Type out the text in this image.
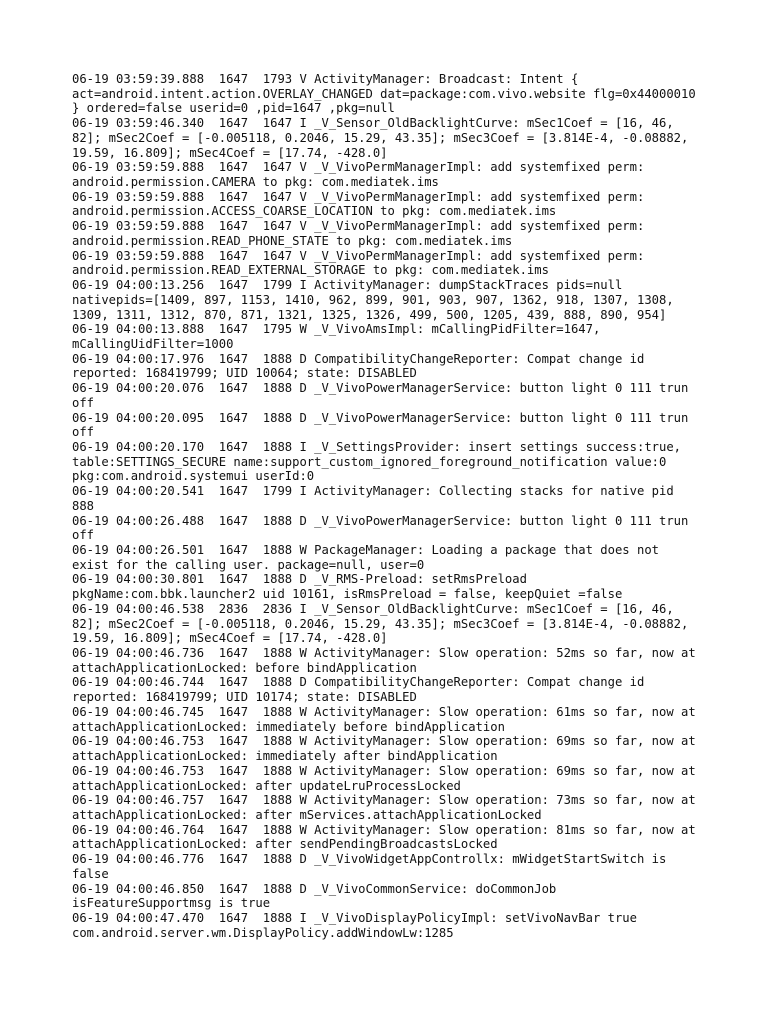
06-19 03:59:39.888  1647  1793 V ActivityManager: Broadcast: Intent { act=android.intent.action.OVERLAY_CHANGED dat=package:com.vivo.website flg=0x44000010 } ordered=false userid=0 ,pid=1647 ,pkg=null

06-19 03:59:46.340  1647  1647 I _V_Sensor_OldBacklightCurve: mSec1Coef = [16, 46, 82]; mSec2Coef = [-0.005118, 0.2046, 15.29, 43.35]; mSec3Coef = [3.814E-4, -0.08882, 19.59, 16.809]; mSec4Coef = [17.74, -428.0]

06-19 03:59:59.888  1647  1647 V _V_VivoPermManagerImpl: add systemfixed perm: android.permission.CAMERA to pkg: com.mediatek.ims

06-19 03:59:59.888  1647  1647 V _V_VivoPermManagerImpl: add systemfixed perm: android.permission.ACCESS_COARSE_LOCATION to pkg: com.mediatek.ims

06-19 03:59:59.888  1647  1647 V _V_VivoPermManagerImpl: add systemfixed perm: android.permission.READ_PHONE_STATE to pkg: com.mediatek.ims

06-19 03:59:59.888  1647  1647 V _V_VivoPermManagerImpl: add systemfixed perm: android.permission.READ_EXTERNAL_STORAGE to pkg: com.mediatek.ims

06-19 04:00:13.256  1647  1799 I ActivityManager: dumpStackTraces pids=null nativepids=[1409, 897, 1153, 1410, 962, 899, 901, 903, 907, 1362, 918, 1307, 1308, 1309, 1311, 1312, 870, 871, 1321, 1325, 1326, 499, 500, 1205, 439, 888, 890, 954]

06-19 04:00:13.888  1647  1795 W _V_VivoAmsImpl: mCallingPidFilter=1647, mCallingUidFilter=1000

06-19 04:00:17.976  1647  1888 D CompatibilityChangeReporter: Compat change id reported: 168419799; UID 10064; state: DISABLED

06-19 04:00:20.076  1647  1888 D _V_VivoPowerManagerService: button light 0 111 trun off

06-19 04:00:20.095  1647  1888 D _V_VivoPowerManagerService: button light 0 111 trun off

06-19 04:00:20.170  1647  1888 I _V_SettingsProvider: insert settings success:true, table:SETTINGS_SECURE name:support_custom_ignored_foreground_notification value:0 pkg:com.android.systemui userId:0

06-19 04:00:20.541  1647  1799 I ActivityManager: Collecting stacks for native pid 888

06-19 04:00:26.488  1647  1888 D _V_VivoPowerManagerService: button light 0 111 trun off

06-19 04:00:26.501  1647  1888 W PackageManager: Loading a package that does not exist for the calling user. package=null, user=0

06-19 04:00:30.801  1647  1888 D _V_RMS-Preload: setRmsPreload pkgName:com.bbk.launcher2 uid 10161, isRmsPreload = false, keepQuiet =false

06-19 04:00:46.538  2836  2836 I _V_Sensor_OldBacklightCurve: mSec1Coef = [16, 46, 82]; mSec2Coef = [-0.005118, 0.2046, 15.29, 43.35]; mSec3Coef = [3.814E-4, -0.08882, 19.59, 16.809]; mSec4Coef = [17.74, -428.0]

06-19 04:00:46.736  1647  1888 W ActivityManager: Slow operation: 52ms so far, now at attachApplicationLocked: before bindApplication

06-19 04:00:46.744  1647  1888 D CompatibilityChangeReporter: Compat change id reported: 168419799; UID 10174; state: DISABLED

06-19 04:00:46.745  1647  1888 W ActivityManager: Slow operation: 61ms so far, now at attachApplicationLocked: immediately before bindApplication

06-19 04:00:46.753  1647  1888 W ActivityManager: Slow operation: 69ms so far, now at attachApplicationLocked: immediately after bindApplication

06-19 04:00:46.753  1647  1888 W ActivityManager: Slow operation: 69ms so far, now at attachApplicationLocked: after updateLruProcessLocked

06-19 04:00:46.757  1647  1888 W ActivityManager: Slow operation: 73ms so far, now at attachApplicationLocked: after mServices.attachApplicationLocked

06-19 04:00:46.764  1647  1888 W ActivityManager: Slow operation: 81ms so far, now at attachApplicationLocked: after sendPendingBroadcastsLocked

06-19 04:00:46.776  1647  1888 D _V_VivoWidgetAppControllx: mWidgetStartSwitch is false

06-19 04:00:46.850  1647  1888 D _V_VivoCommonService: doCommonJob isFeatureSupportmsg is true

06-19 04:00:47.470  1647  1888 I _V_VivoDisplayPolicyImpl: setVivoNavBar true com.android.server.wm.DisplayPolicy.addWindowLw:1285
